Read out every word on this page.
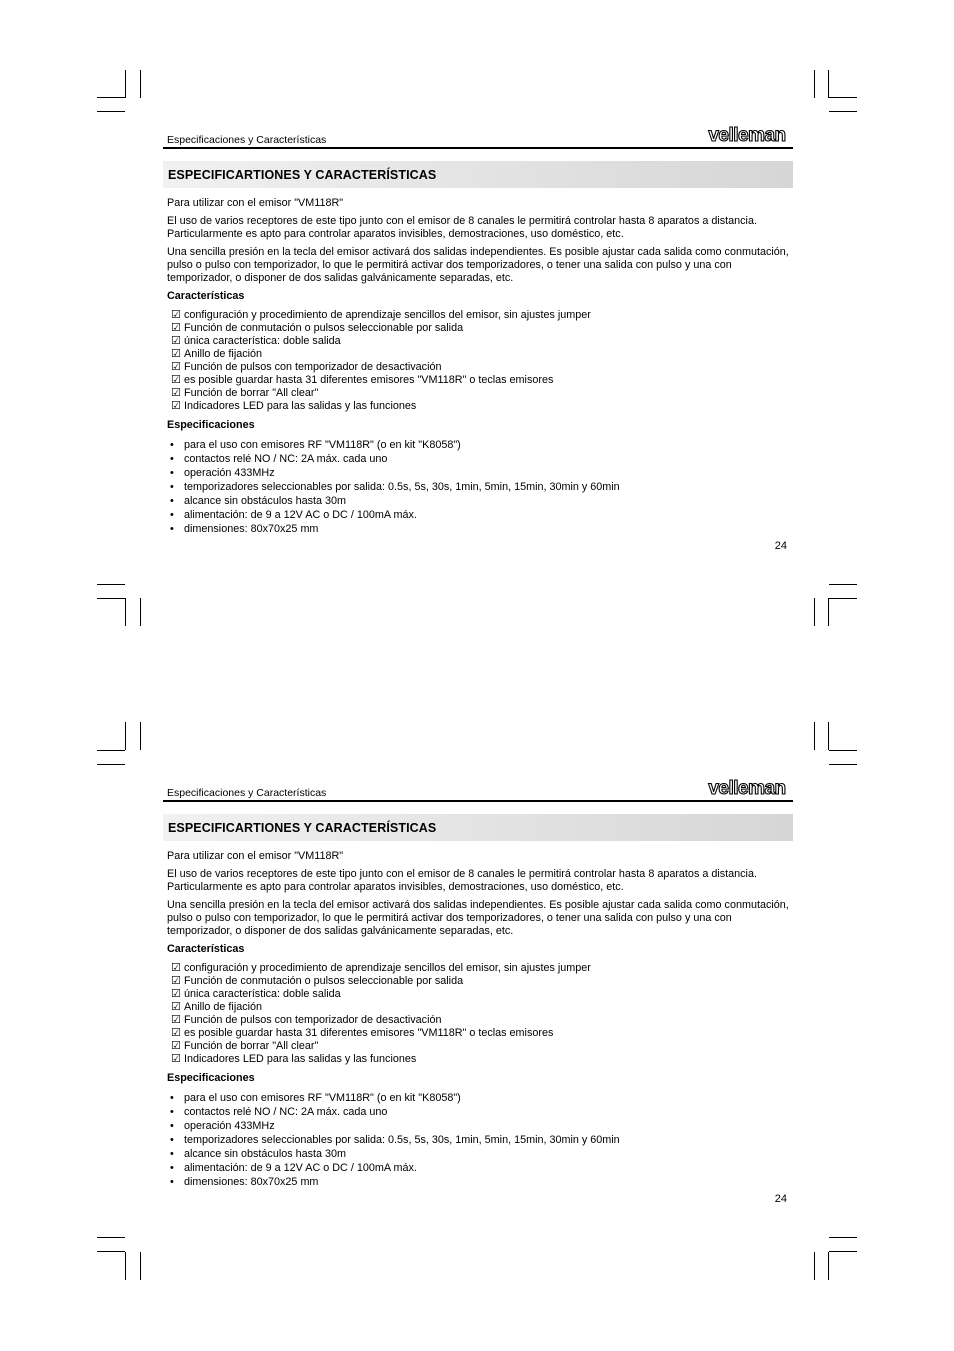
Especificaciones y Características	velleman
ESPECIFICARTIONES Y CARACTERÍSTICAS

Para utilizar con el emisor "VM118R"

El uso de varios receptores de este tipo junto con el emisor de 8 canales le permitirá controlar hasta 8 aparatos a distancia. Particularmente es apto para controlar aparatos invisibles, demostraciones, uso doméstico, etc.

Una sencilla presión en la tecla del emisor activará dos salidas independientes. Es posible ajustar cada salida como conmutación, pulso o pulso con temporizador, lo que le permitirá activar dos temporizadores, o tener una salida con pulso y una con temporizador, o disponer de dos salidas galvánicamente separadas, etc.

Características
☑ configuración y procedimiento de aprendizaje sencillos del emisor, sin ajustes jumper
☑ Función de conmutación o pulsos seleccionable por salida
☑ única característica: doble salida
☑ Anillo de fijación
☑ Función de pulsos con temporizador de desactivación
☑ es posible guardar hasta 31 diferentes emisores "VM118R" o teclas emisores
☑ Función de borrar "All clear"
☑ Indicadores LED para las salidas y las funciones
Especificaciones
• para el uso con emisores RF "VM118R" (o en kit "K8058")
• contactos relé NO / NC: 2A máx. cada uno
• operación 433MHz
• temporizadores seleccionables por salida: 0.5s, 5s, 30s, 1min, 5min, 15min, 30min y 60min
• alcance sin obstáculos hasta 30m
• alimentación: de 9 a 12V AC o DC / 100mA máx.
• dimensiones: 80x70x25 mm
24
Especificaciones y Características	velleman
ESPECIFICARTIONES Y CARACTERÍSTICAS

Para utilizar con el emisor "VM118R"

El uso de varios receptores de este tipo junto con el emisor de 8 canales le permitirá controlar hasta 8 aparatos a distancia. Particularmente es apto para controlar aparatos invisibles, demostraciones, uso doméstico, etc.

Una sencilla presión en la tecla del emisor activará dos salidas independientes. Es posible ajustar cada salida como conmutación, pulso o pulso con temporizador, lo que le permitirá activar dos temporizadores, o tener una salida con pulso y una con temporizador, o disponer de dos salidas galvánicamente separadas, etc.

Características
☑ configuración y procedimiento de aprendizaje sencillos del emisor, sin ajustes jumper
☑ Función de conmutación o pulsos seleccionable por salida
☑ única característica: doble salida
☑ Anillo de fijación
☑ Función de pulsos con temporizador de desactivación
☑ es posible guardar hasta 31 diferentes emisores "VM118R" o teclas emisores
☑ Función de borrar "All clear"
☑ Indicadores LED para las salidas y las funciones
Especificaciones
• para el uso con emisores RF "VM118R" (o en kit "K8058")
• contactos relé NO / NC: 2A máx. cada uno
• operación 433MHz
• temporizadores seleccionables por salida: 0.5s, 5s, 30s, 1min, 5min, 15min, 30min y 60min
• alcance sin obstáculos hasta 30m
• alimentación: de 9 a 12V AC o DC / 100mA máx.
• dimensiones: 80x70x25 mm
24
